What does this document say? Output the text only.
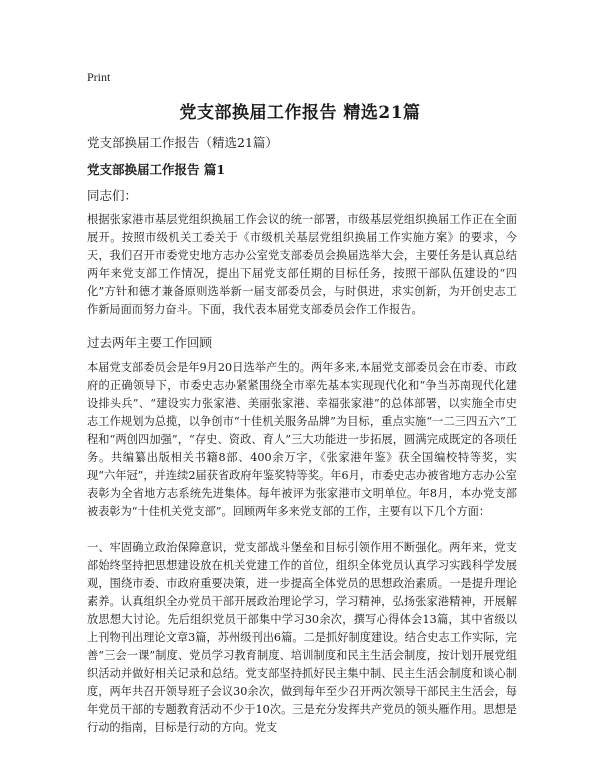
Print
党支部换届工作报告 精选21篇
党支部换届工作报告（精选21篇）
党支部换届工作报告 篇1
同志们：

根据张家港市基层党组织换届工作会议的统一部署，市级基层党组织换届工作正在全面展开。按照市级机关工委关于《市级机关基层党组织换届工作实施方案》的要求，今天，我们召开市委党史地方志办公室党支部委员会换届选举大会，主要任务是认真总结两年来党支部工作情况，提出下届党支部任期的目标任务，按照干部队伍建设的“四化”方针和德才兼备原则选举新一届支部委员会，与时俱进，求实创新，为开创史志工作新局面而努力奋斗。下面，我代表本届党支部委员会作工作报告。

过去两年主要工作回顾

本届党支部委员会是年9月20日选举产生的。两年多来,本届党支部委员会在市委、市政府的正确领导下，市委史志办紧紧围绕全市率先基本实现现代化和“争当苏南现代化建设排头兵”、“建设实力张家港、美丽张家港、幸福张家港”的总体部署，以实施全市史志工作规划为总揽，以争创市“十佳机关服务品牌”为目标，重点实施“一二三四五六”工程和“两创四加强”，“存史、资政、育人”三大功能进一步拓展，圆满完成既定的各项任务。共编纂出版相关书籍8部、400余万字，《张家港年鉴》获全国编校特等奖，实现“六年冠”，并连续2届获省政府年鉴奖特等奖。年6月，市委史志办被省地方志办公室表彰为全省地方志系统先进集体。每年被评为张家港市文明单位。年8月，本办党支部被表彰为“十佳机关党支部”。回顾两年多来党支部的工作，主要有以下几个方面：

一、牢固确立政治保障意识，党支部战斗堡垒和目标引领作用不断强化。两年来，党支部始终坚持把思想建设放在机关党建工作的首位，组织全体党员认真学习实践科学发展观，围绕市委、市政府重要决策，进一步提高全体党员的思想政治素质。一是提升理论素养。认真组织全办党员干部开展政治理论学习，学习精神，弘扬张家港精神，开展解放思想大讨论。先后组织党员干部集中学习30余次，撰写心得体会13篇，其中省级以上刊物刊出理论文章3篇，苏州级刊出6篇。二是抓好制度建设。结合史志工作实际，完善“三会一课”制度、党员学习教育制度、培训制度和民主生活会制度，按计划开展党组织活动并做好相关记录和总结。党支部坚持抓好民主集中制、民主生活会制度和谈心制度，两年共召开领导班子会议30余次，做到每年至少召开两次领导干部民主生活会，每年党员干部的专题教育活动不少于10次。三是充分发挥共产党员的领头雁作用。思想是行动的指南，目标是行动的方向。党支
